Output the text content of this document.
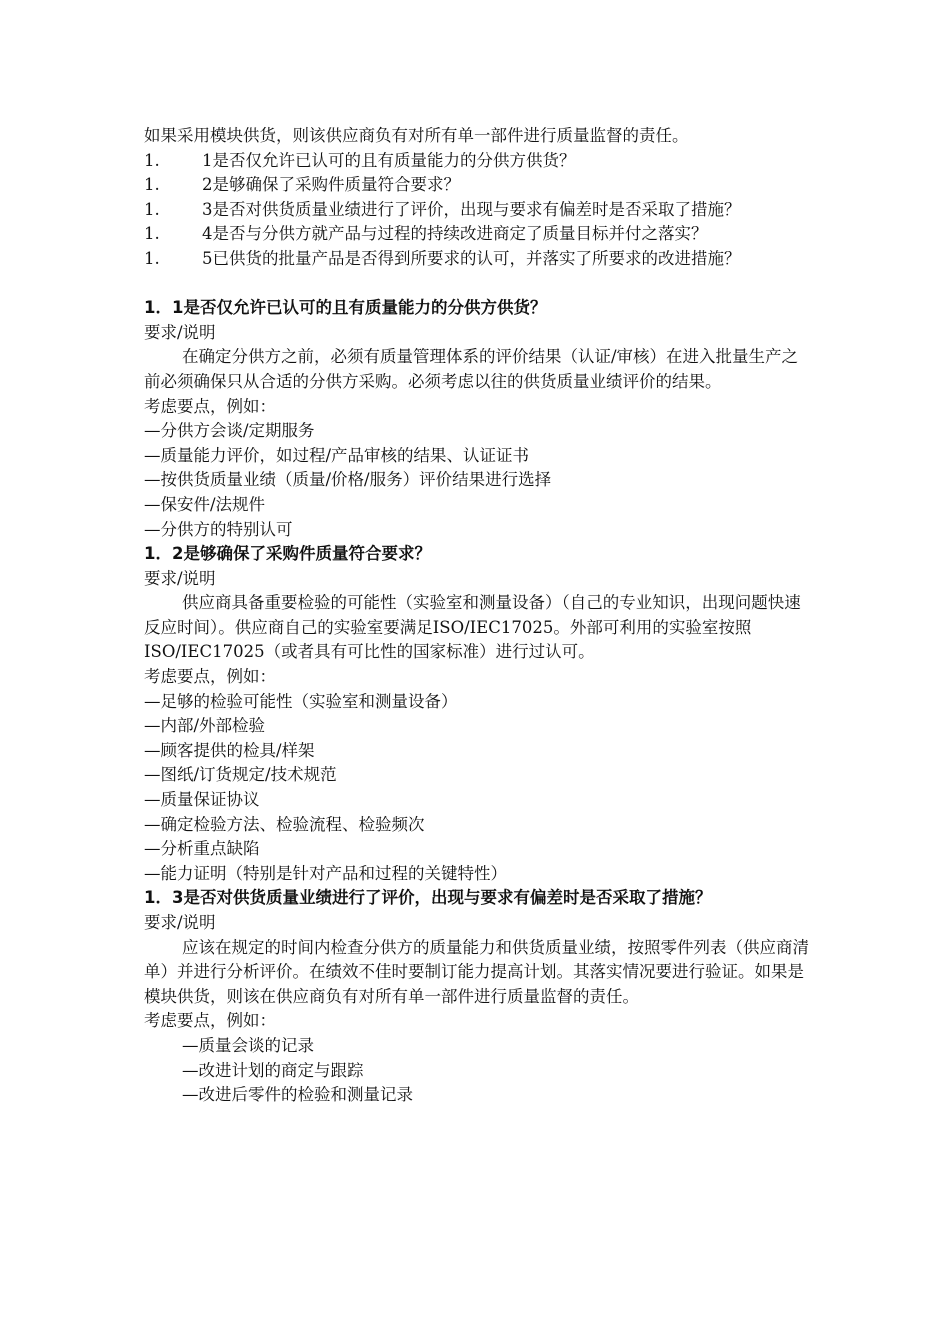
如果采用模块供货，则该供应商负有对所有单一部件进行质量监督的责任。

1.	1是否仅允许已认可的且有质量能力的分供方供货？
1.	2是够确保了采购件质量符合要求？
1.	3是否对供货质量业绩进行了评价，出现与要求有偏差时是否采取了措施？
1.	4是否与分供方就产品与过程的持续改进商定了质量目标并付之落实？
1.	5已供货的批量产品是否得到所要求的认可，并落实了所要求的改进措施？
1．1是否仅允许已认可的且有质量能力的分供方供货？

要求/说明

在确定分供方之前，必须有质量管理体系的评价结果（认证/审核）在进入批量生产之前必须确保只从合适的分供方采购。必须考虑以往的供货质量业绩评价的结果。

考虑要点，例如：

—分供方会谈/定期服务

—质量能力评价，如过程/产品审核的结果、认证证书

—按供货质量业绩（质量/价格/服务）评价结果进行选择

—保安件/法规件

—分供方的特别认可

1．2是够确保了采购件质量符合要求？

要求/说明

供应商具备重要检验的可能性（实验室和测量设备）（自己的专业知识，出现问题快速反应时间）。供应商自己的实验室要满足ISO/IEC17025。外部可利用的实验室按照ISO/IEC17025（或者具有可比性的国家标准）进行过认可。

考虑要点，例如：

—足够的检验可能性（实验室和测量设备）

—内部/外部检验

—顾客提供的检具/样架

—图纸/订货规定/技术规范

—质量保证协议

—确定检验方法、检验流程、检验频次

—分析重点缺陷

—能力证明（特别是针对产品和过程的关键特性）

1．3是否对供货质量业绩进行了评价，出现与要求有偏差时是否采取了措施？

要求/说明

应该在规定的时间内检查分供方的质量能力和供货质量业绩，按照零件列表（供应商清单）并进行分析评价。在绩效不佳时要制订能力提高计划。其落实情况要进行验证。如果是模块供货，则该在供应商负有对所有单一部件进行质量监督的责任。

考虑要点，例如：

—质量会谈的记录

—改进计划的商定与跟踪

—改进后零件的检验和测量记录
